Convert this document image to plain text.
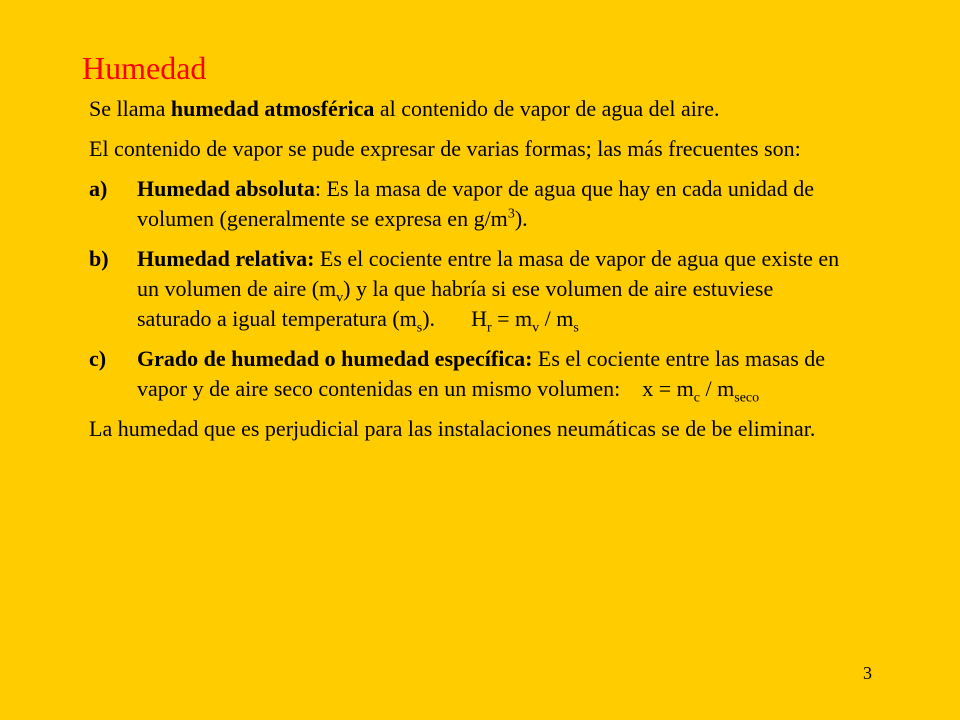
Humedad

Se llama humedad atmosférica al contenido de vapor de agua del aire.

El contenido de vapor se pude expresar de varias formas; las más frecuentes son:

a)	Humedad absoluta: Es la masa de vapor de agua que hay en cada unidad de
volumen (generalmente se expresa en $g/m^3$).
b)	Humedad relativa: Es el cociente entre la masa de vapor de agua que existe en
un volumen de aire $(m_v)$ y la que habría si ese volumen de aire estuviese
saturado a igual temperatura $(m_s)$. $H_r = m_v / m_s$
c)	Grado de humedad o humedad específica: Es el cociente entre las masas de
vapor y de aire seco contenidas en un mismo volumen: $x = m_c / m_{seco}$

La humedad que es perjudicial para las instalaciones neumáticas se de be eliminar.

3
